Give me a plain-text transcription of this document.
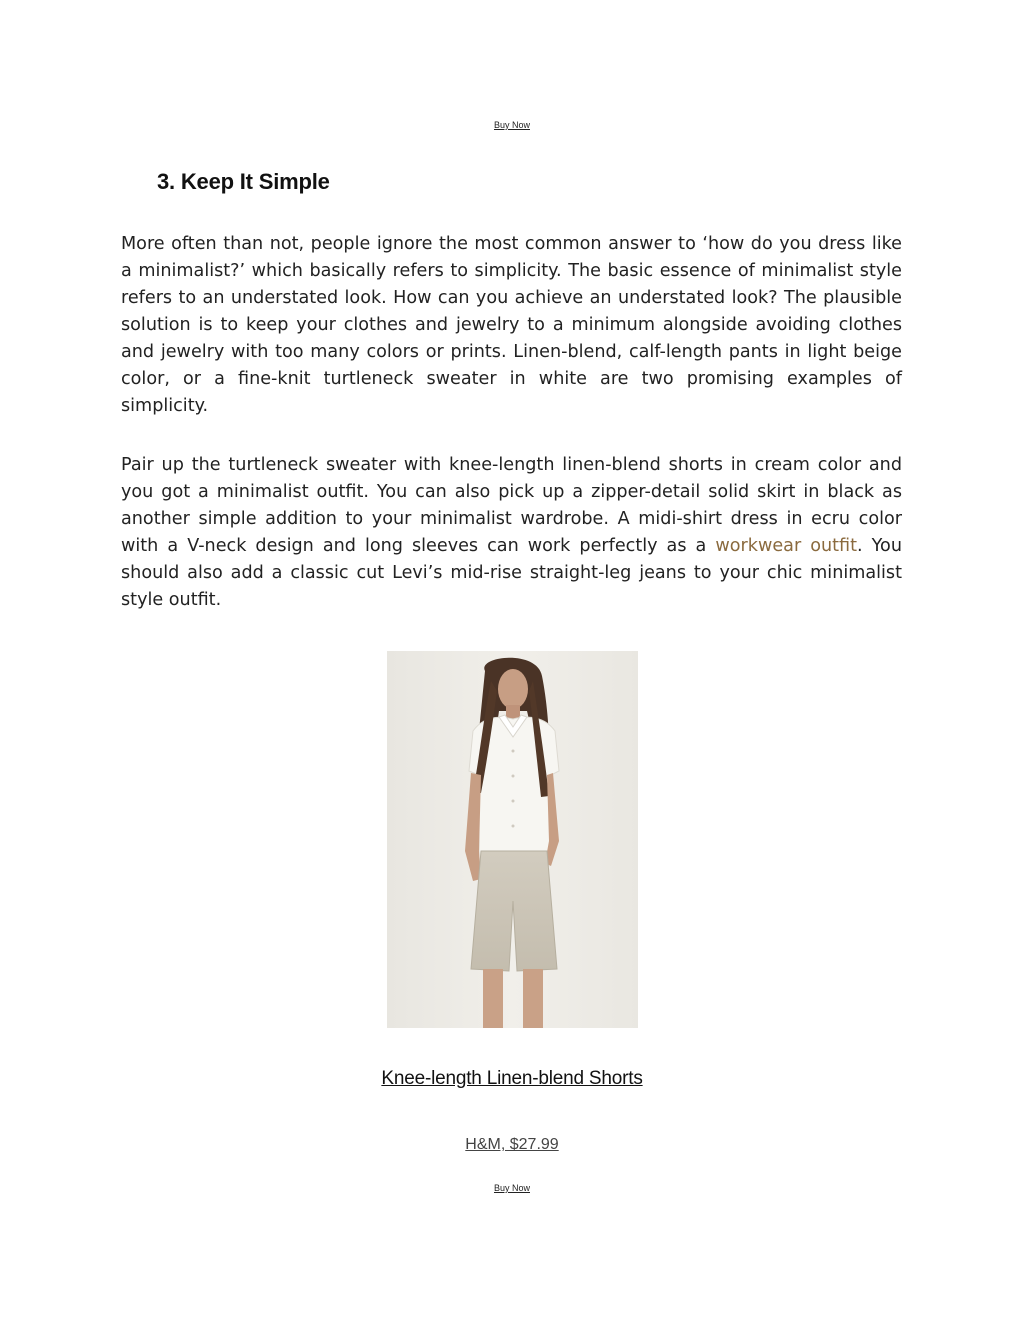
Buy Now
3. Keep It Simple

More often than not, people ignore the most common answer to ‘how do you dress like a minimalist?’ which basically refers to simplicity. The basic essence of minimalist style refers to an understated look. How can you achieve an understated look? The plausible solution is to keep your clothes and jewelry to a minimum alongside avoiding clothes and jewelry with too many colors or prints. Linen-blend, calf-length pants in light beige color, or a fine-knit turtleneck sweater in white are two promising examples of simplicity.

Pair up the turtleneck sweater with knee-length linen-blend shorts in cream color and you got a minimalist outfit. You can also pick up a zipper-detail solid skirt in black as another simple addition to your minimalist wardrobe. A midi-shirt dress in ecru color with a V-neck design and long sleeves can work perfectly as a workwear outfit. You should also add a classic cut Levi’s mid-rise straight-leg jeans to your chic minimalist style outfit.

Knee-length Linen-blend Shorts
H&M, $27.99
Buy Now
